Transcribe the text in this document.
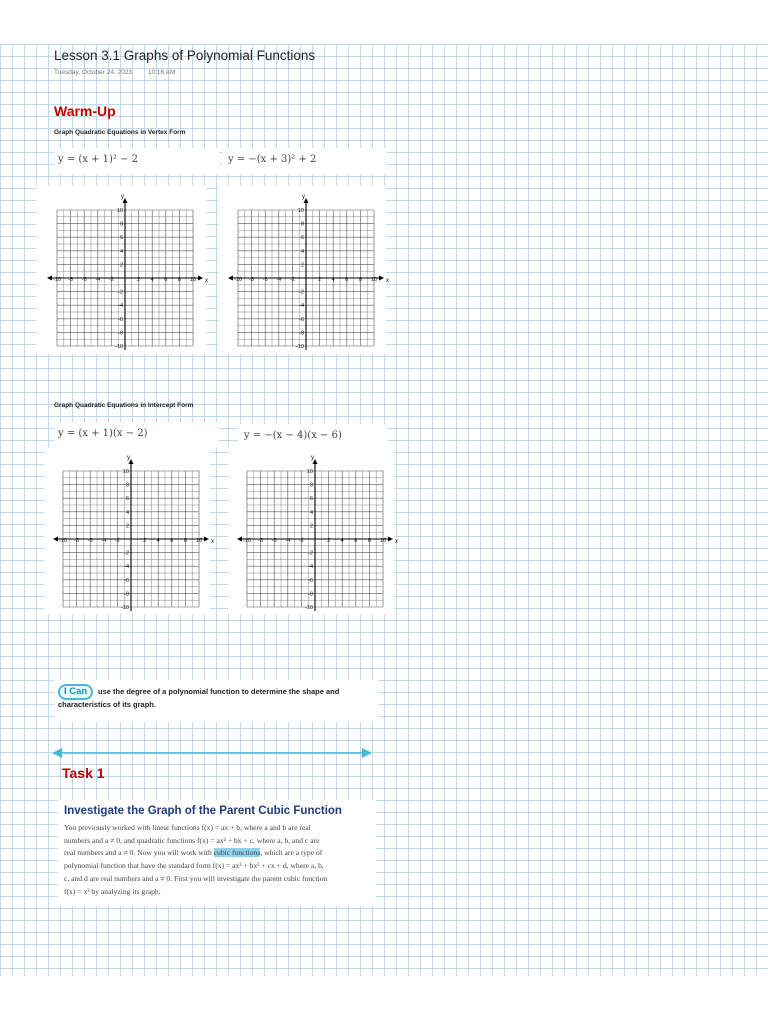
Lesson 3.1 Graphs of Polynomial Functions
Tuesday, October 24, 2023 10:16 AM
Warm-Up
Graph Quadratic Equations in Vertex Form
y = (x + 1)² − 2	y = −(x + 3)² + 2
-10 -8 -6 -4 -2	2 4 6 8 10
10
8
6
4
2
-2
-4
-6
-8
-10
x
y
-10 -8 -6 -4 -2	2 4 6 8 10
10
8
6
4
2
-2
-4
-6
-8
-10
x
y
Graph Quadratic Equations in Intercept Form
y = (x + 1)(x − 2)	y = −(x − 4)(x − 6)
-10 -8 -6 -4 -2	2 4 6 8 10
10
8
6
4
2
-2
-4
-6
-8
-10
x
y
-10 -8 -6 -4 -2	2 4 6 8 10
10
8
6
4
2
-2
-4
-6
-8
-10
x
y
I Can	use the degree of a polynomial function to determine the shape and
characteristics of its graph.
Task 1
Investigate the Graph of the Parent Cubic Function
You previously worked with linear functions f(x) = ax + b, where a and b are real
numbers and a ≠ 0, and quadratic functions f(x) = ax² + bx + c, where a, b, and c are
real numbers and a ≠ 0. Now you will work with cubic functions, which are a type of
polynomial function that have the standard form f(x) = ax³ + bx² + cx + d, where a, b,
c, and d are real numbers and a ≠ 0. First you will investigate the parent cubic function
f(x) = x³ by analyzing its graph.
